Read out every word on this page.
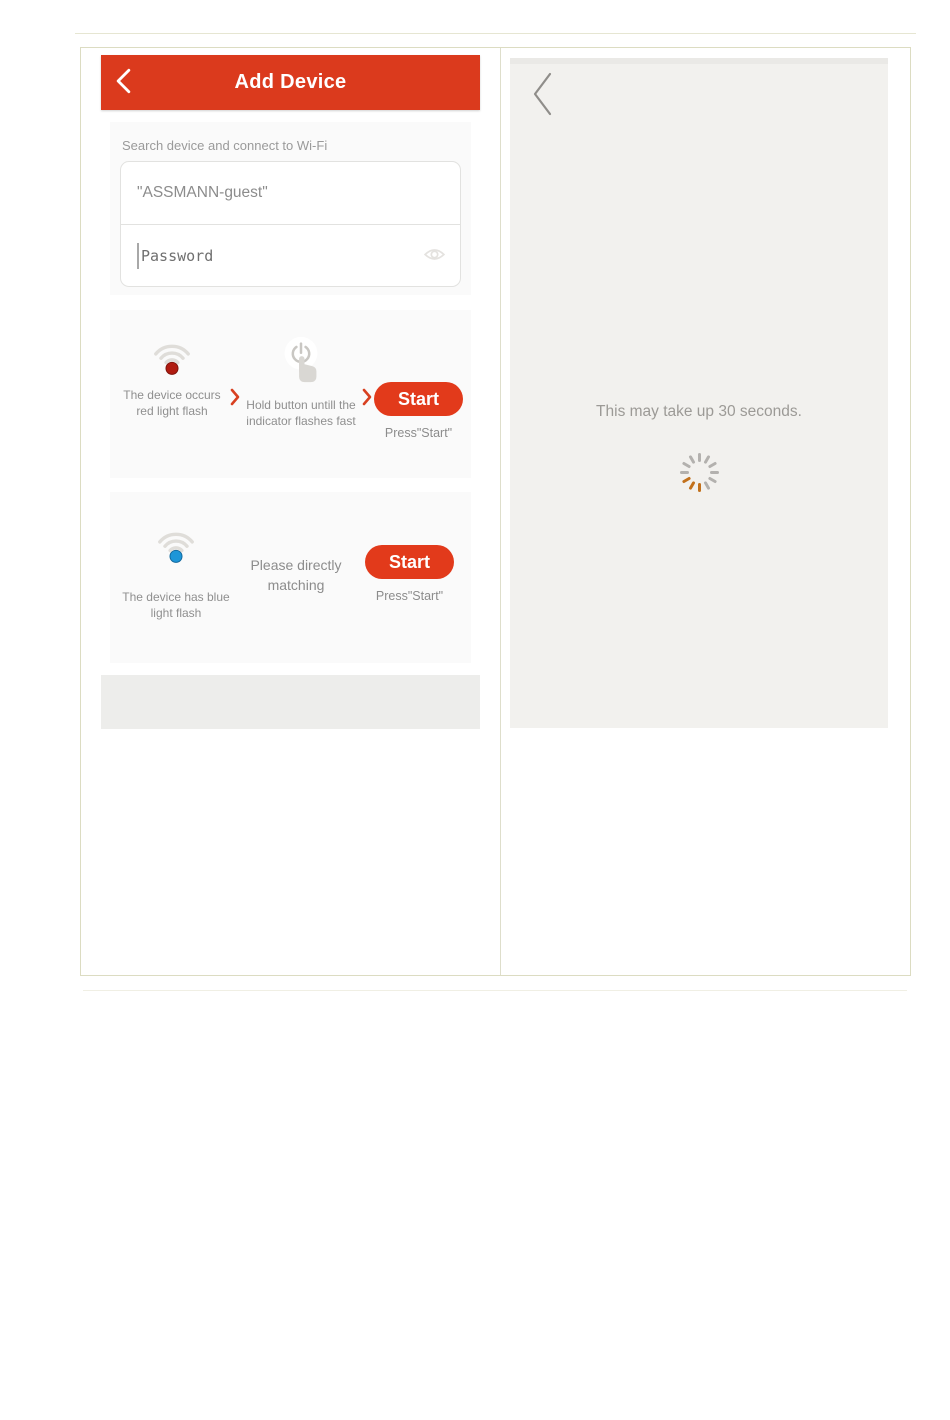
Add Device
Search device and connect to Wi-Fi
"ASSMANN-guest"
Password
The device occurs red light flash	Hold button untill the indicator flashes fast
Start
Press"Start"
The device has blue light flash
Please directly matching
Start
Press"Start"
This may take up 30 seconds.
